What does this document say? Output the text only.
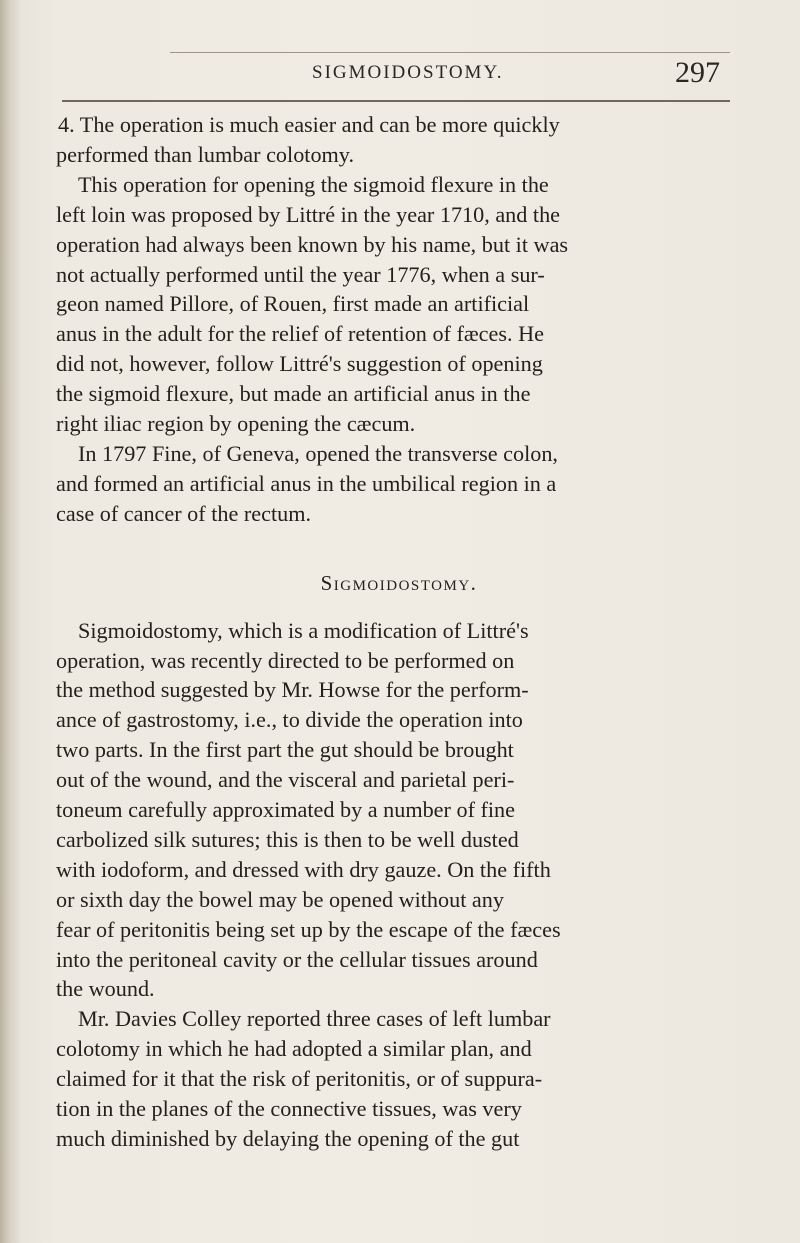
SIGMOIDOSTOMY.	297

4. The operation is much easier and can be more quickly
performed than lumbar colotomy.

This operation for opening the sigmoid flexure in the
left loin was proposed by Littré in the year 1710, and the
operation had always been known by his name, but it was
not actually performed until the year 1776, when a sur-
geon named Pillore, of Rouen, first made an artificial
anus in the adult for the relief of retention of fæces. He
did not, however, follow Littré's suggestion of opening
the sigmoid flexure, but made an artificial anus in the
right iliac region by opening the cæcum.

In 1797 Fine, of Geneva, opened the transverse colon,
and formed an artificial anus in the umbilical region in a
case of cancer of the rectum.

Sigmoidostomy.

Sigmoidostomy, which is a modification of Littré's
operation, was recently directed to be performed on
the method suggested by Mr. Howse for the perform-
ance of gastrostomy, i.e., to divide the operation into
two parts. In the first part the gut should be brought
out of the wound, and the visceral and parietal peri-
toneum carefully approximated by a number of fine
carbolized silk sutures; this is then to be well dusted
with iodoform, and dressed with dry gauze. On the fifth
or sixth day the bowel may be opened without any
fear of peritonitis being set up by the escape of the fæces
into the peritoneal cavity or the cellular tissues around
the wound.

Mr. Davies Colley reported three cases of left lumbar
colotomy in which he had adopted a similar plan, and
claimed for it that the risk of peritonitis, or of suppura-
tion in the planes of the connective tissues, was very
much diminished by delaying the opening of the gut
